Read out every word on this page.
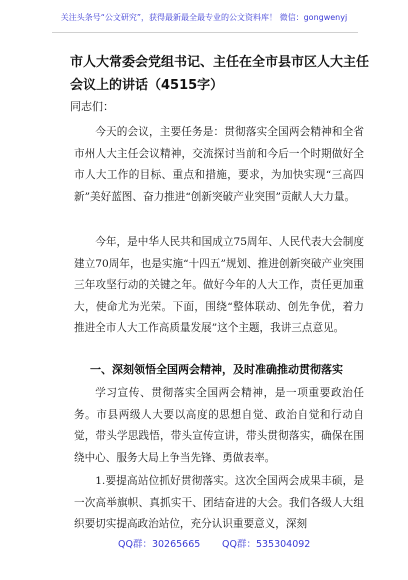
关注头条号“公文研究”，获得最新最全最专业的公文资料库！ 微信：gongwenyj
市人大常委会党组书记、主任在全市县市区人大主任会议上的讲话（4515字）
同志们：

今天的会议，主要任务是：贯彻落实全国两会精神和全省市州人大主任会议精神，交流探讨当前和今后一个时期做好全市人大工作的目标、重点和措施，要求，为加快实现“三高四新”美好蓝图、奋力推进“创新突破产业突围”贡献人大力量。

今年，是中华人民共和国成立75周年、人民代表大会制度建立70周年，也是实施“十四五”规划、推进创新突破产业突围三年攻坚行动的关键之年。做好今年的人大工作，责任更加重大，使命尤为光荣。下面，围绕“整体联动、创先争优，着力推进全市人大工作高质量发展”这个主题，我讲三点意见。

一、深刻领悟全国两会精神，及时准确推动贯彻落实

学习宣传、贯彻落实全国两会精神，是一项重要政治任务。市县两级人大要以高度的思想自觉、政治自觉和行动自觉，带头学思践悟，带头宣传宣讲，带头贯彻落实，确保在围绕中心、服务大局上争当先锋、勇做表率。

1.要提高站位抓好贯彻落实。这次全国两会成果丰硕，是一次高举旗帜、真抓实干、团结奋进的大会。我们各级人大组织要切实提高政治站位，充分认识重要意义，深刻

QQ群：30265665 QQ群：535304092
